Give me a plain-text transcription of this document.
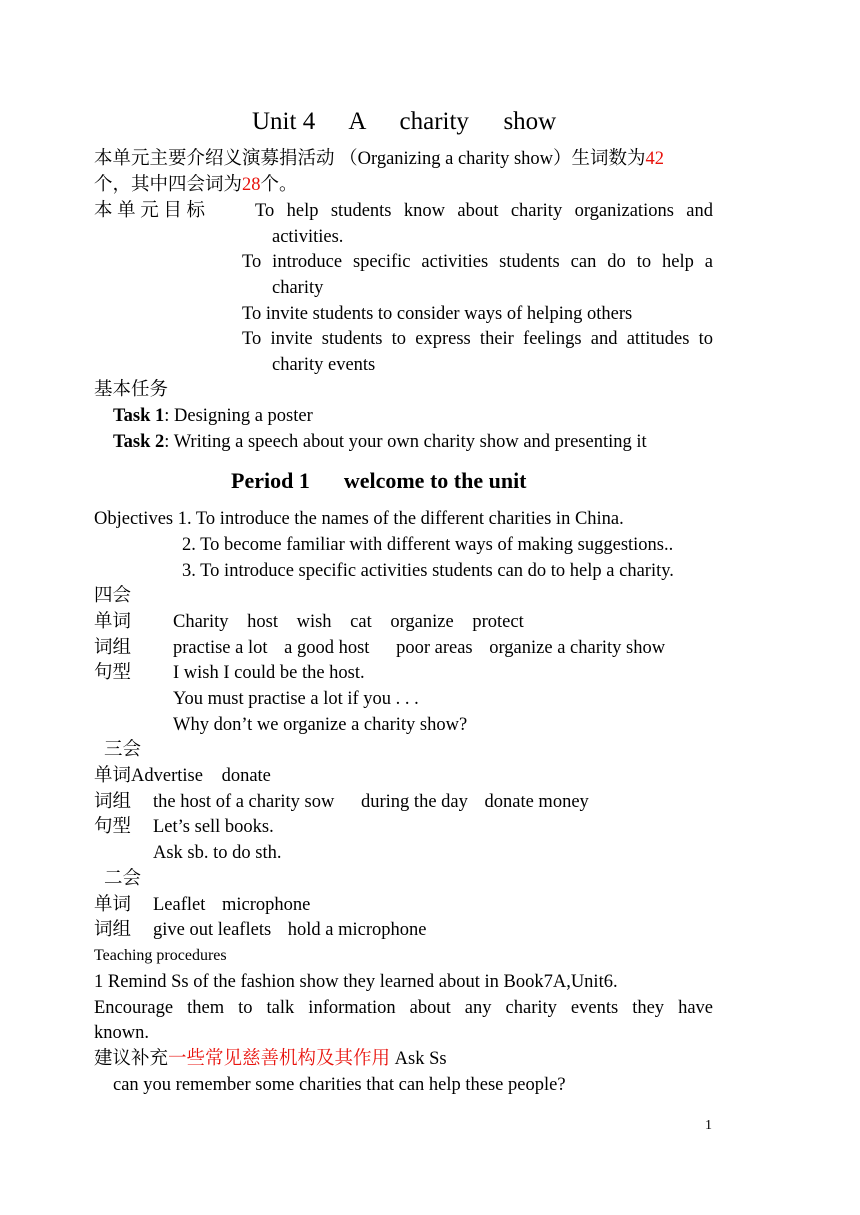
Unit 4 A charity show
本单元主要介绍义演募捐活动 （Organizing a charity show）生词数为42
个，其中四会词为28个。
本 单 元 目 标	To help students know about charity organizations and
activities.
To introduce specific activities students can do to help a
charity
To invite students to consider ways of helping others
To invite students to express their feelings and attitudes to
charity events
基本任务
Task 1: Designing a poster
Task 2: Writing a speech about your own charity show and presenting it
Period 1 welcome to the unit
Objectives 1. To introduce the names of the different charities in China.
2. To become familiar with different ways of making suggestions..
3. To introduce specific activities students can do to help a charity.
四会
单词 Charity host wish cat organize protect
词组 practise a lot a good host poor areas organize a charity show
句型 I wish I could be the host.
You must practise a lot if you . . .
Why don’t we organize a charity show?
三会
单词Advertise donate
词组 the host of a charity sow during the day donate money
句型 Let’s sell books.
Ask sb. to do sth.
二会
单词 Leaflet microphone
词组 give out leaflets hold a microphone
Teaching procedures
1 Remind Ss of the fashion show they learned about in Book7A,Unit6.
Encourage them to talk information about any charity events they have
known.
建议补充一些常见慈善机构及其作用 Ask Ss
can you remember some charities that can help these people?
1
